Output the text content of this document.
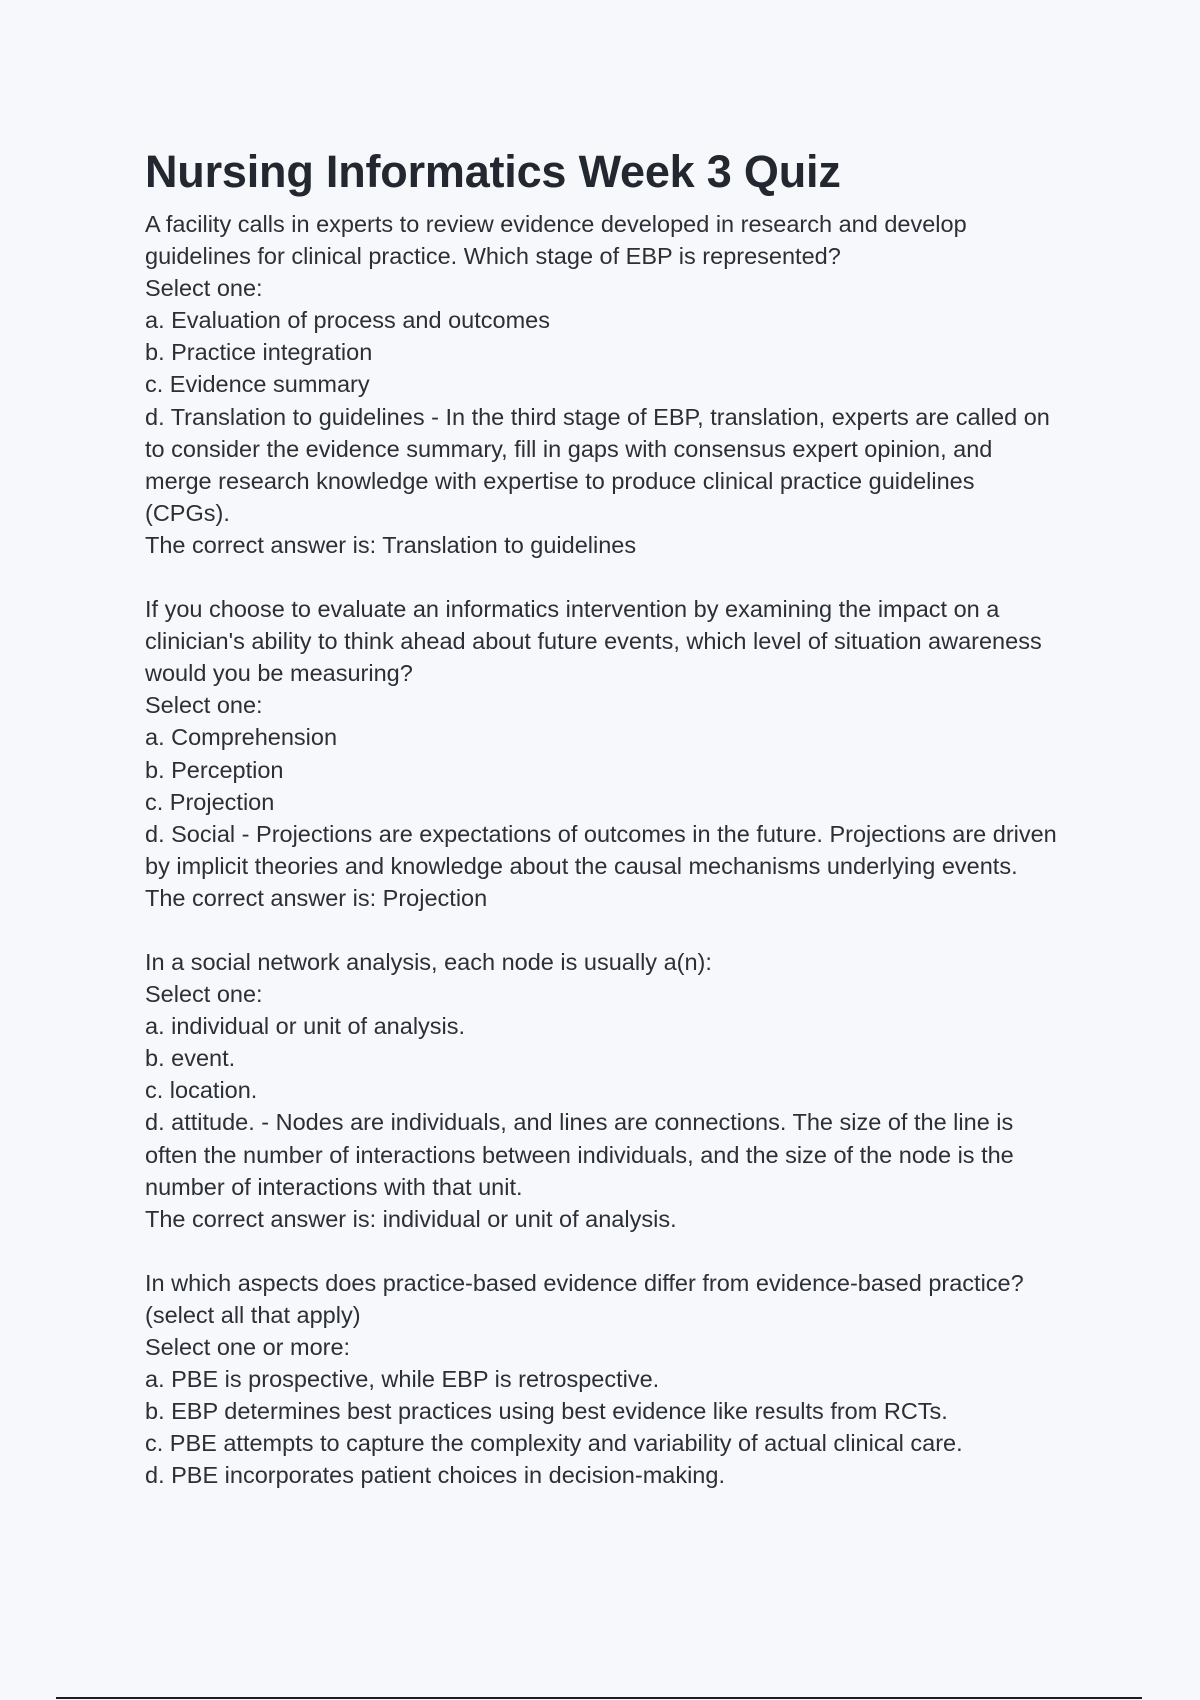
Nursing Informatics Week 3 Quiz

A facility calls in experts to review evidence developed in research and develop guidelines for clinical practice. Which stage of EBP is represented?

Select one:

a. Evaluation of process and outcomes

b. Practice integration

c. Evidence summary

d. Translation to guidelines - In the third stage of EBP, translation, experts are called on to consider the evidence summary, fill in gaps with consensus expert opinion, and merge research knowledge with expertise to produce clinical practice guidelines (CPGs).

The correct answer is: Translation to guidelines

If you choose to evaluate an informatics intervention by examining the impact on a clinician's ability to think ahead about future events, which level of situation awareness would you be measuring?

Select one:

a. Comprehension

b. Perception

c. Projection

d. Social - Projections are expectations of outcomes in the future. Projections are driven by implicit theories and knowledge about the causal mechanisms underlying events.

The correct answer is: Projection

In a social network analysis, each node is usually a(n):

Select one:

a. individual or unit of analysis.

b. event.

c. location.

d. attitude. - Nodes are individuals, and lines are connections. The size of the line is often the number of interactions between individuals, and the size of the node is the number of interactions with that unit.

The correct answer is: individual or unit of analysis.

In which aspects does practice-based evidence differ from evidence-based practice? (select all that apply)

Select one or more:

a. PBE is prospective, while EBP is retrospective.

b. EBP determines best practices using best evidence like results from RCTs.

c. PBE attempts to capture the complexity and variability of actual clinical care.

d. PBE incorporates patient choices in decision-making.
